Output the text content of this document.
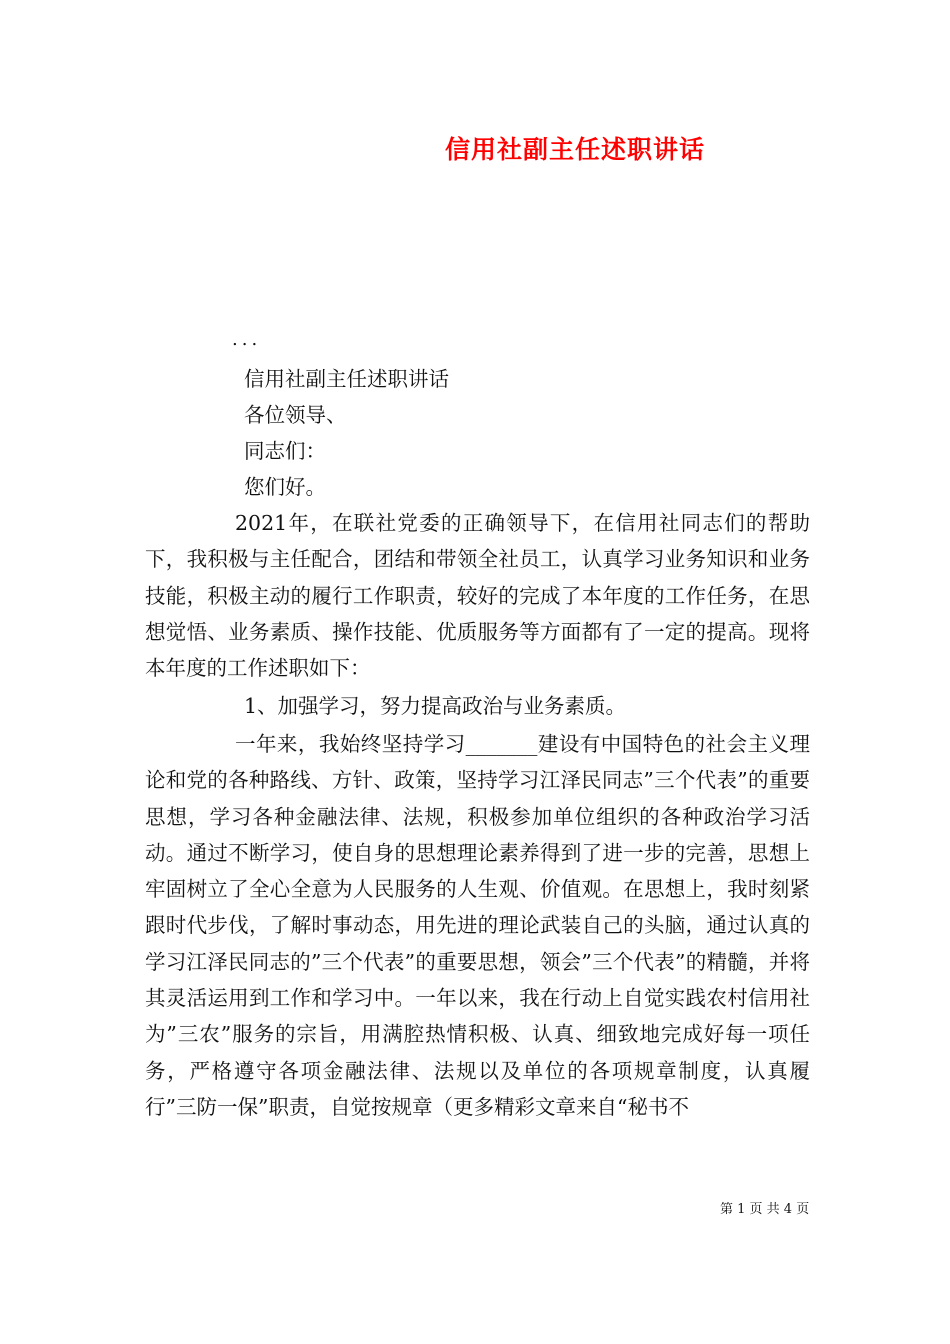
信用社副主任述职讲话
...
信用社副主任述职讲话
各位领导、
同志们：
您们好。

2021年，在联社党委的正确领导下，在信用社同志们的帮助下，我积极与主任配合，团结和带领全社员工，认真学习业务知识和业务技能，积极主动的履行工作职责，较好的完成了本年度的工作任务，在思想觉悟、业务素质、操作技能、优质服务等方面都有了一定的提高。现将本年度的工作述职如下：

1、加强学习，努力提高政治与业务素质。

一年来，我始终坚持学习_______建设有中国特色的社会主义理论和党的各种路线、方针、政策，坚持学习江泽民同志”三个代表”的重要思想，学习各种金融法律、法规，积极参加单位组织的各种政治学习活动。通过不断学习，使自身的思想理论素养得到了进一步的完善，思想上牢固树立了全心全意为人民服务的人生观、价值观。在思想上，我时刻紧跟时代步伐，了解时事动态，用先进的理论武装自己的头脑，通过认真的学习江泽民同志的”三个代表”的重要思想，领会”三个代表”的精髓，并将其灵活运用到工作和学习中。一年以来，我在行动上自觉实践农村信用社为”三农”服务的宗旨，用满腔热情积极、认真、细致地完成好每一项任务，严格遵守各项金融法律、法规以及单位的各项规章制度，认真履行”三防一保”职责，自觉按规章（更多精彩文章来自“秘书不

第 1 页 共 4 页
